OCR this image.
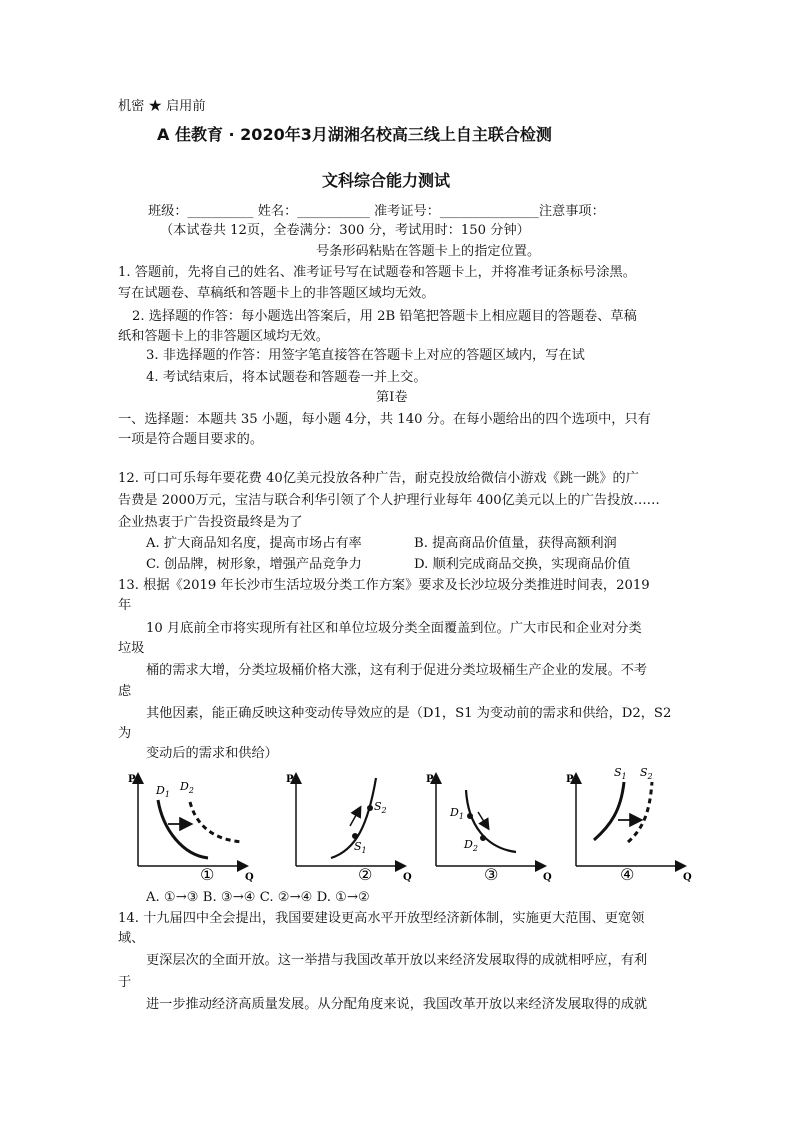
机密 ★ 启用前
A 佳教育 · 2020年3月湖湘名校高三线上自主联合检测
文科综合能力测试
班级：__________ 姓名：___________ 准考证号：_______________注意事项：
（本试卷共 12页，全卷满分：300 分，考试用时：150 分钟）
号条形码粘贴在答题卡上的指定位置。
1. 答题前，先将自己的姓名、准考证号写在试题卷和答题卡上，并将准考证条标号涂黑。
写在试题卷、草稿纸和答题卡上的非答题区域均无效。
2. 选择题的作答：每小题选出答案后，用 2B 铅笔把答题卡上相应题目的答题卷、草稿
纸和答题卡上的非答题区域均无效。
3. 非选择题的作答：用签字笔直接答在答题卡上对应的答题区域内，写在试
4. 考试结束后，将本试题卷和答题卷一并上交。
第Ⅰ卷
一、选择题：本题共 35 小题，每小题 4分，共 140 分。在每小题给出的四个选项中，只有
一项是符合题目要求的。
12. 可口可乐每年要花费 40亿美元投放各种广告，耐克投放给微信小游戏《跳一跳》的广
告费是 2000万元，宝洁与联合利华引领了个人护理行业每年 400亿美元以上的广告投放……
企业热衷于广告投资最终是为了
A. 扩大商品知名度，提高市场占有率	B. 提高商品价值量，获得高额利润
C. 创品牌，树形象，增强产品竞争力	D. 顺利完成商品交换，实现商品价值
13. 根据《2019 年长沙市生活垃圾分类工作方案》要求及长沙垃圾分类推进时间表，2019
年
10 月底前全市将实现所有社区和单位垃圾分类全面覆盖到位。广大市民和企业对分类
垃圾
桶的需求大增，分类垃圾桶价格大涨，这有利于促进分类垃圾桶生产企业的发展。不考
虑
其他因素，能正确反映这种变动传导效应的是（D1，S1 为变动前的需求和供给，D2，S2
为
变动后的需求和供给）
P
Q
$D_1$
$D_2$
①
P
Q
$S_2$
$S_1$
②
P
Q
$D_1$
$D_2$
③
P
Q
$S_1$ $S_2$
④
A. ①→③ B. ③→④ C. ②→④ D. ①→②
14. 十九届四中全会提出，我国要建设更高水平开放型经济新体制，实施更大范围、更宽领
域、
更深层次的全面开放。这一举措与我国改革开放以来经济发展取得的成就相呼应，有利
于
进一步推动经济高质量发展。从分配角度来说，我国改革开放以来经济发展取得的成就
